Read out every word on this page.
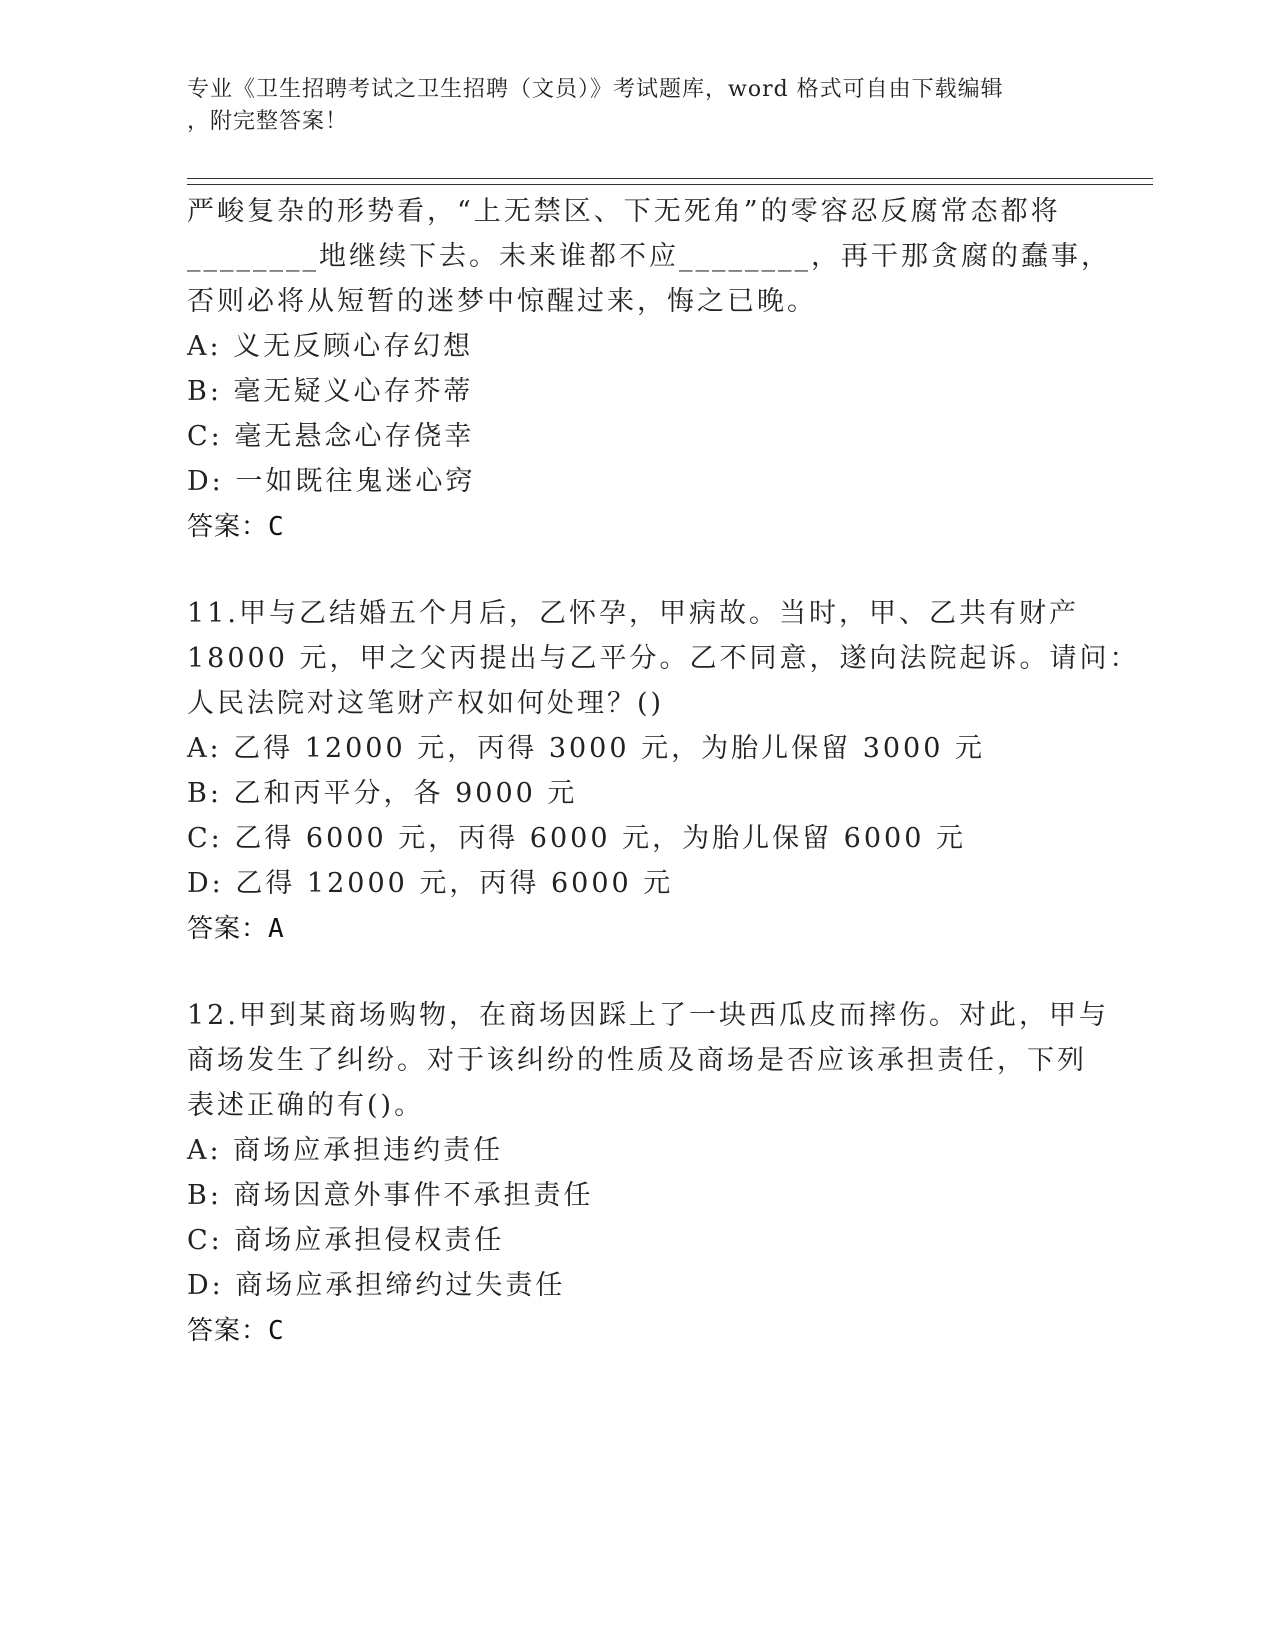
专业《卫生招聘考试之卫生招聘（文员）》考试题库，word 格式可自由下载编辑
，附完整答案！
严峻复杂的形势看，“上无禁区、下无死角”的零容忍反腐常态都将
________地继续下去。未来谁都不应________，再干那贪腐的蠢事，
否则必将从短暂的迷梦中惊醒过来，悔之已晚。
A: 义无反顾心存幻想
B: 毫无疑义心存芥蒂
C: 毫无悬念心存侥幸
D: 一如既往鬼迷心窍
答案：C
11.甲与乙结婚五个月后，乙怀孕，甲病故。当时，甲、乙共有财产
18000 元，甲之父丙提出与乙平分。乙不同意，遂向法院起诉。请问：
人民法院对这笔财产权如何处理？()
A: 乙得 12000 元，丙得 3000 元，为胎儿保留 3000 元
B: 乙和丙平分，各 9000 元
C: 乙得 6000 元，丙得 6000 元，为胎儿保留 6000 元
D: 乙得 12000 元，丙得 6000 元
答案：A
12.甲到某商场购物，在商场因踩上了一块西瓜皮而摔伤。对此，甲与
商场发生了纠纷。对于该纠纷的性质及商场是否应该承担责任，下列
表述正确的有()。
A: 商场应承担违约责任
B: 商场因意外事件不承担责任
C: 商场应承担侵权责任
D: 商场应承担缔约过失责任
答案：C
